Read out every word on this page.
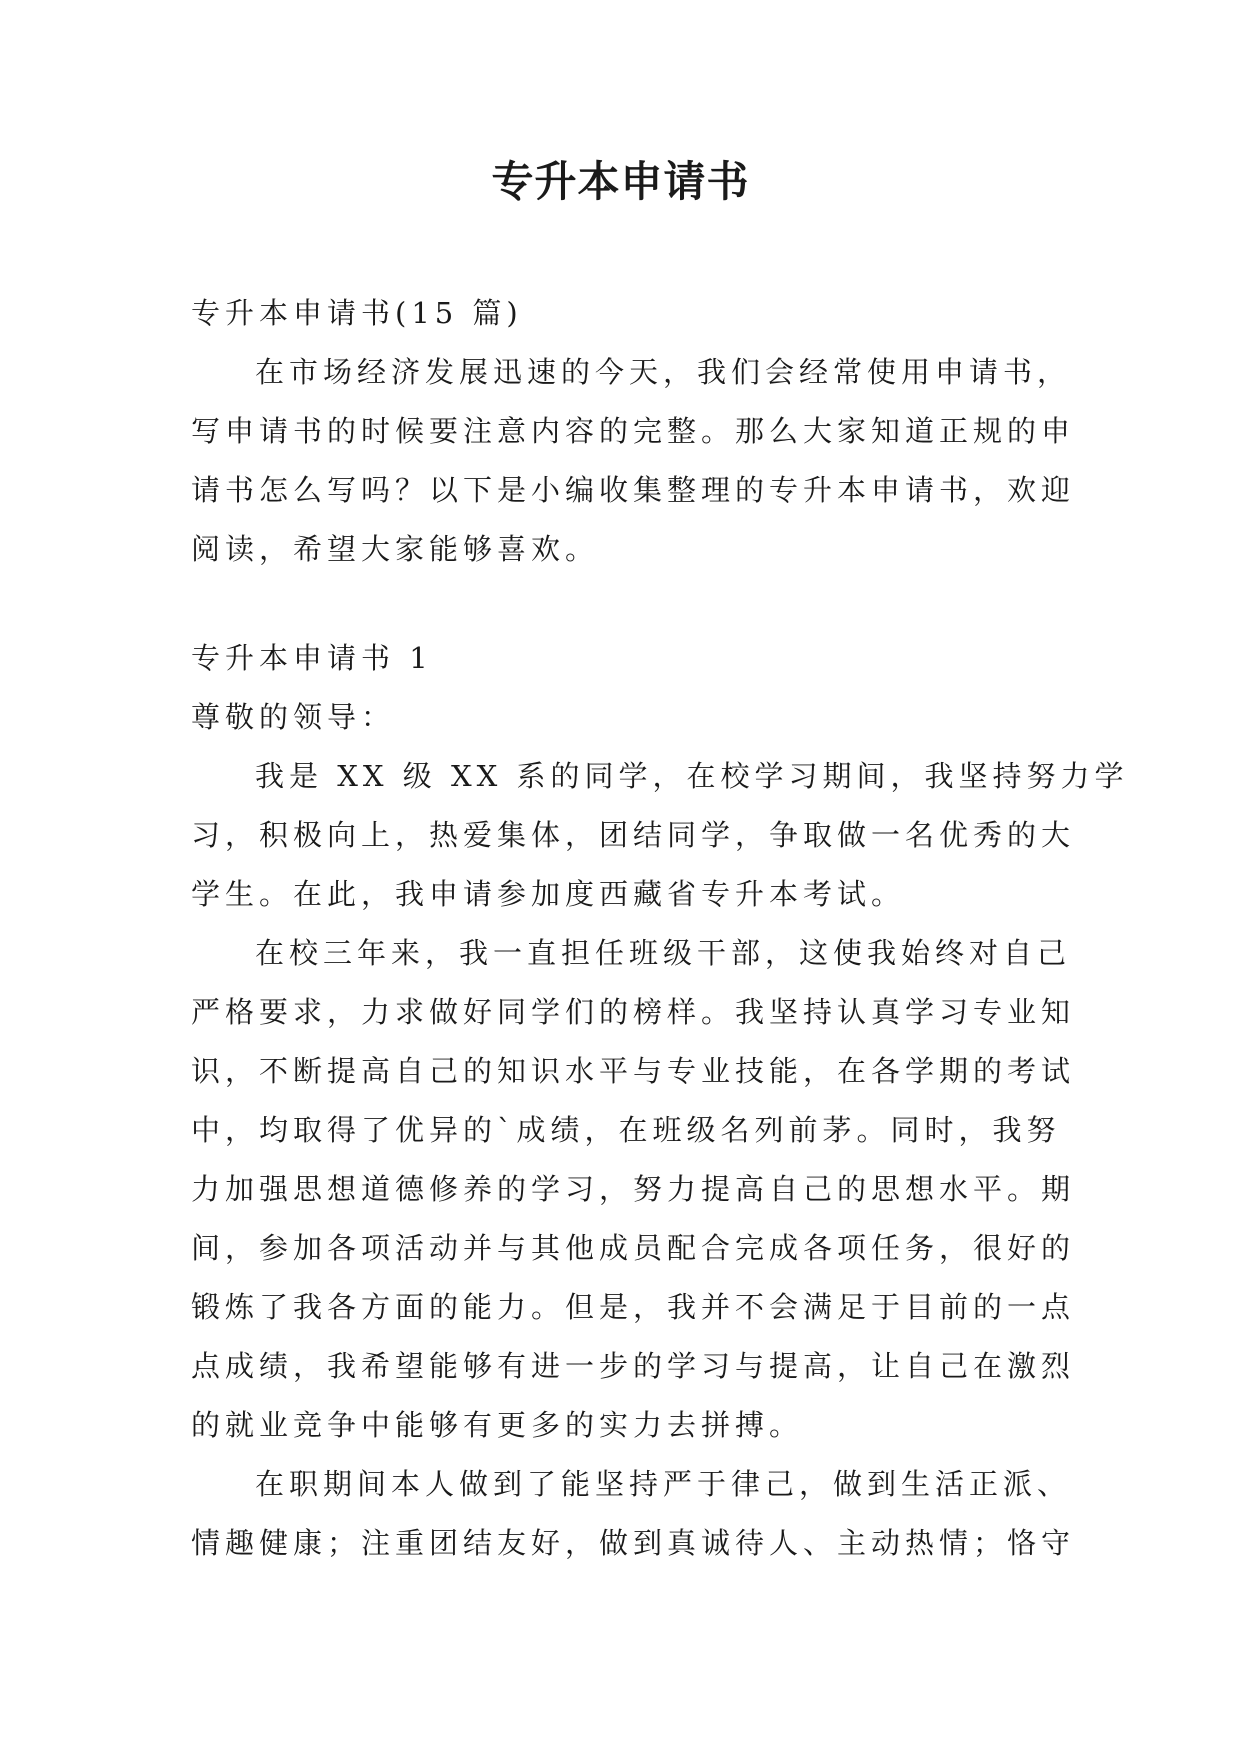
专升本申请书
专升本申请书(15 篇)
在市场经济发展迅速的今天，我们会经常使用申请书，
写申请书的时候要注意内容的完整。那么大家知道正规的申
请书怎么写吗？以下是小编收集整理的专升本申请书，欢迎
阅读，希望大家能够喜欢。
专升本申请书 1
尊敬的领导：
我是 XX 级 XX 系的同学，在校学习期间，我坚持努力学
习，积极向上，热爱集体，团结同学，争取做一名优秀的大
学生。在此，我申请参加度西藏省专升本考试。
在校三年来，我一直担任班级干部，这使我始终对自己
严格要求，力求做好同学们的榜样。我坚持认真学习专业知
识，不断提高自己的知识水平与专业技能，在各学期的考试
中，均取得了优异的`成绩，在班级名列前茅。同时，我努
力加强思想道德修养的学习，努力提高自己的思想水平。期
间，参加各项活动并与其他成员配合完成各项任务，很好的
锻炼了我各方面的能力。但是，我并不会满足于目前的一点
点成绩，我希望能够有进一步的学习与提高，让自己在激烈
的就业竞争中能够有更多的实力去拼搏。
在职期间本人做到了能坚持严于律己，做到生活正派、
情趣健康；注重团结友好，做到真诚待人、主动热情；恪守
